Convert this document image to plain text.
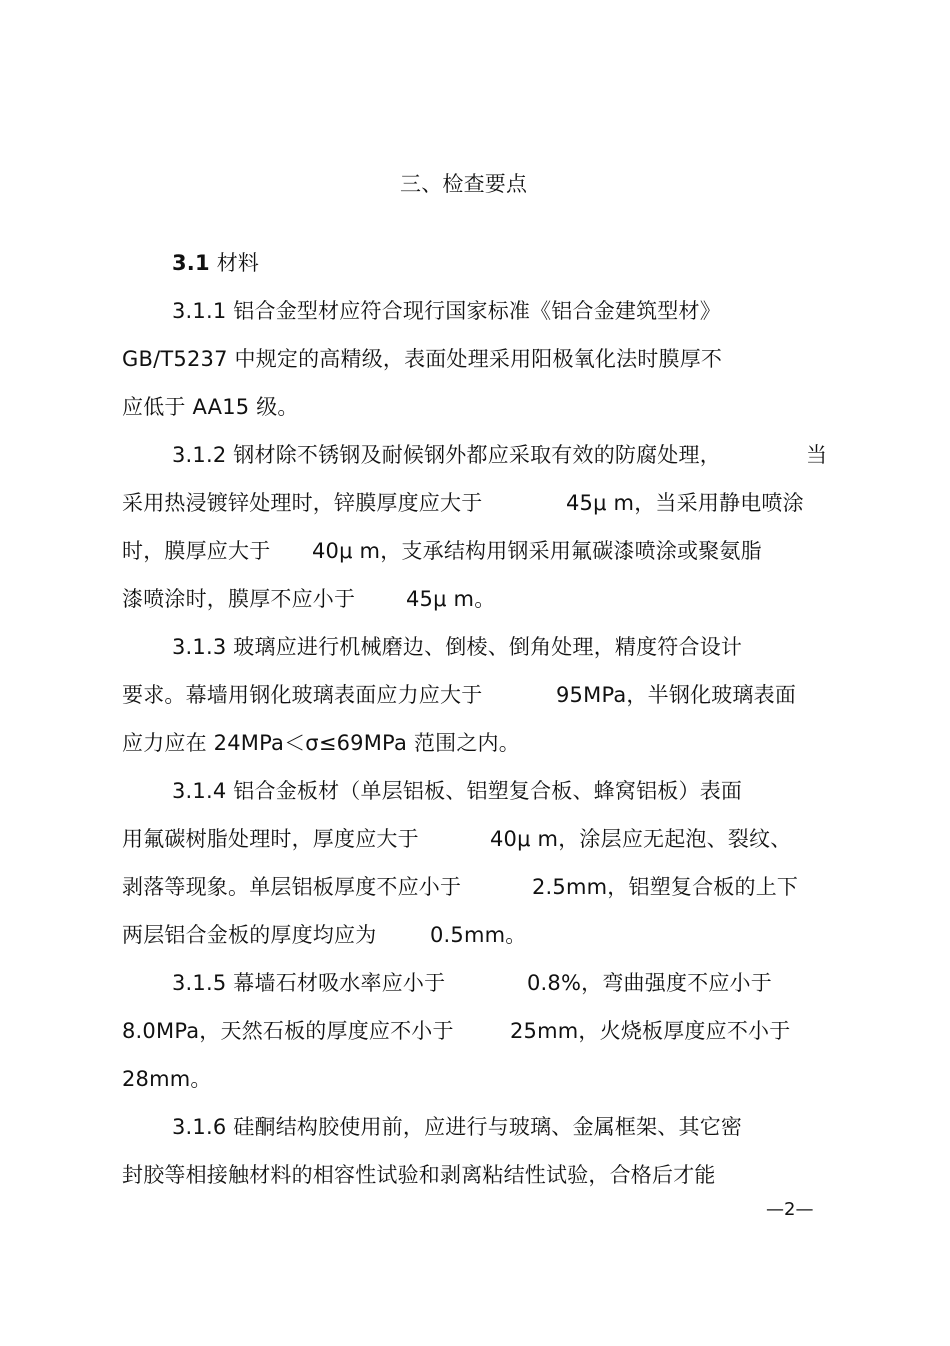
三、检查要点
3.1 材料
3.1.1 铝合金型材应符合现行国家标准《铝合金建筑型材》
GB/T5237 中规定的高精级，表面处理采用阳极氧化法时膜厚不
应低于 AA15 级。
3.1.2 钢材除不锈钢及耐候钢外都应采取有效的防腐处理，	当
采用热浸镀锌处理时，锌膜厚度应大于	45μ m，当采用静电喷涂
时，膜厚应大于 40μ m，支承结构用钢采用氟碳漆喷涂或聚氨脂
漆喷涂时，膜厚不应小于 45μ m。
3.1.3 玻璃应进行机械磨边、倒棱、倒角处理，精度符合设计
要求。幕墙用钢化玻璃表面应力应大于	95MPa，半钢化玻璃表面
应力应在 24MPa＜σ≤69MPa 范围之内。
3.1.4 铝合金板材（单层铝板、铝塑复合板、蜂窝铝板）表面
用氟碳树脂处理时，厚度应大于	40μ m，涂层应无起泡、裂纹、
剥落等现象。单层铝板厚度不应小于	2.5mm，铝塑复合板的上下
两层铝合金板的厚度均应为	0.5mm。
3.1.5 幕墙石材吸水率应小于	0.8%，弯曲强度不应小于
8.0MPa，天然石板的厚度应不小于	25mm，火烧板厚度应不小于
28mm。
3.1.6 硅酮结构胶使用前，应进行与玻璃、金属框架、其它密
封胶等相接触材料的相容性试验和剥离粘结性试验，合格后才能
—2—
